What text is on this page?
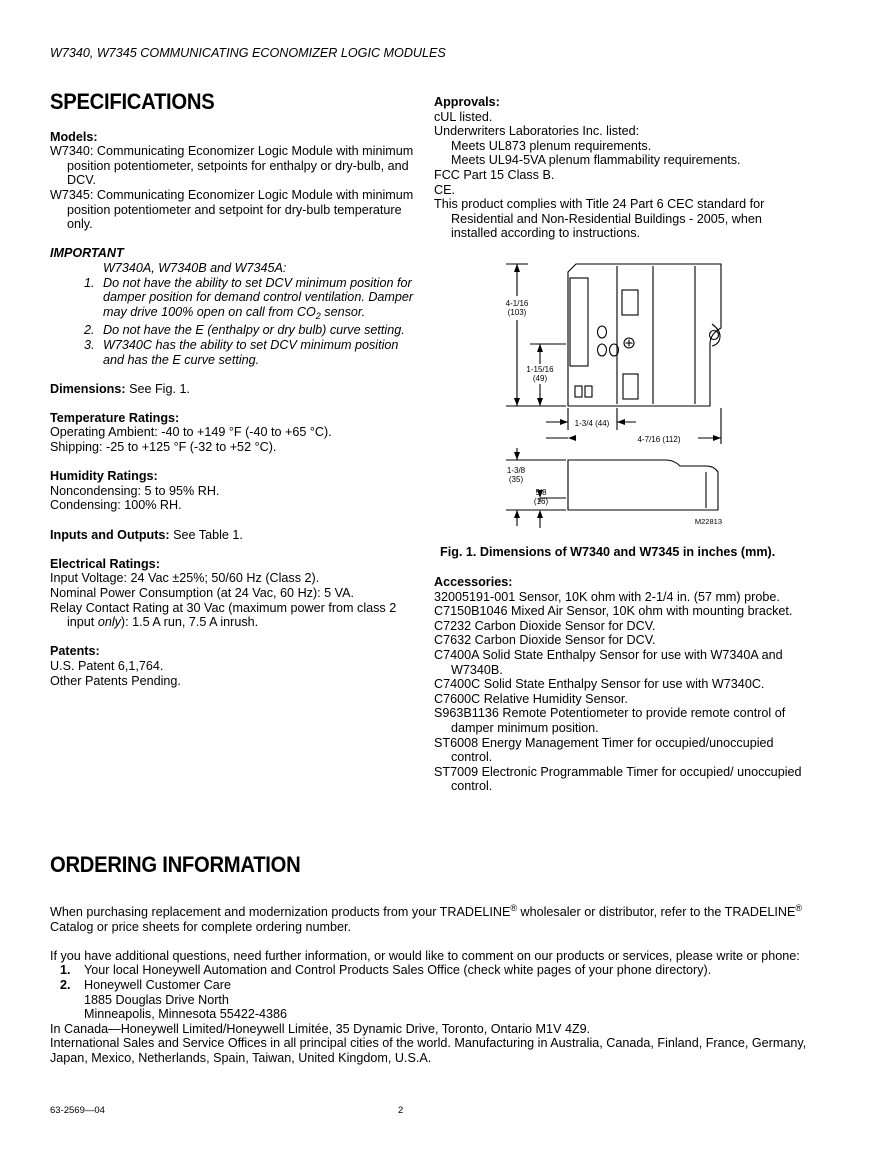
W7340, W7345 COMMUNICATING ECONOMIZER LOGIC MODULES
SPECIFICATIONS
Models:
W7340: Communicating Economizer Logic Module with minimum position potentiometer, setpoints for enthalpy or dry-bulb, and DCV.
W7345: Communicating Economizer Logic Module with minimum position potentiometer and setpoint for dry-bulb temperature only.
IMPORTANT
W7340A, W7340B and W7345A:
1. Do not have the ability to set DCV minimum position for damper position for demand control ventilation. Damper may drive 100% open on call from $CO_2$ sensor.
2. Do not have the E (enthalpy or dry bulb) curve setting.
3. W7340C has the ability to set DCV minimum position and has the E curve setting.
Dimensions: See Fig. 1.
Temperature Ratings:
Operating Ambient: -40 to +149 °F (-40 to +65 °C).
Shipping: -25 to +125 °F (-32 to +52 °C).
Humidity Ratings:
Noncondensing: 5 to 95% RH.
Condensing: 100% RH.
Inputs and Outputs: See Table 1.
Electrical Ratings:
Input Voltage: 24 Vac ±25%; 50/60 Hz (Class 2).
Nominal Power Consumption (at 24 Vac, 60 Hz): 5 VA.
Relay Contact Rating at 30 Vac (maximum power from class 2 input only): 1.5 A run, 7.5 A inrush.
Patents:
U.S. Patent 6,1,764.
Other Patents Pending.
Approvals:
cUL listed.
Underwriters Laboratories Inc. listed:
Meets UL873 plenum requirements.
Meets UL94-5VA plenum flammability requirements.
FCC Part 15 Class B.
CE.
This product complies with Title 24 Part 6 CEC standard for Residential and Non-Residential Buildings - 2005, when installed according to instructions.
4-1/16
(103)
1-15/16
(49)
1-3/4 (44)
4-7/16 (112)
1-3/8
(35)
5/8
(16)
M22813
Fig. 1. Dimensions of W7340 and W7345 in inches (mm).
Accessories:
32005191-001 Sensor, 10K ohm with 2-1/4 in. (57 mm) probe.
C7150B1046 Mixed Air Sensor, 10K ohm with mounting bracket.
C7232 Carbon Dioxide Sensor for DCV.
C7632 Carbon Dioxide Sensor for DCV.
C7400A Solid State Enthalpy Sensor for use with W7340A and W7340B.
C7400C Solid State Enthalpy Sensor for use with W7340C.
C7600C Relative Humidity Sensor.
S963B1136 Remote Potentiometer to provide remote control of damper minimum position.
ST6008 Energy Management Timer for occupied/unoccupied control.
ST7009 Electronic Programmable Timer for occupied/ unoccupied control.
ORDERING INFORMATION
When purchasing replacement and modernization products from your TRADELINE® wholesaler or distributor, refer to the TRADELINE® Catalog or price sheets for complete ordering number.
If you have additional questions, need further information, or would like to comment on our products or services, please write or phone:
1.	Your local Honeywell Automation and Control Products Sales Office (check white pages of your phone directory).
2.	Honeywell Customer Care
1885 Douglas Drive North
Minneapolis, Minnesota 55422-4386
In Canada—Honeywell Limited/Honeywell Limitée, 35 Dynamic Drive, Toronto, Ontario M1V 4Z9.
International Sales and Service Offices in all principal cities of the world. Manufacturing in Australia, Canada, Finland, France, Germany, Japan, Mexico, Netherlands, Spain, Taiwan, United Kingdom, U.S.A.
63-2569—04	2
